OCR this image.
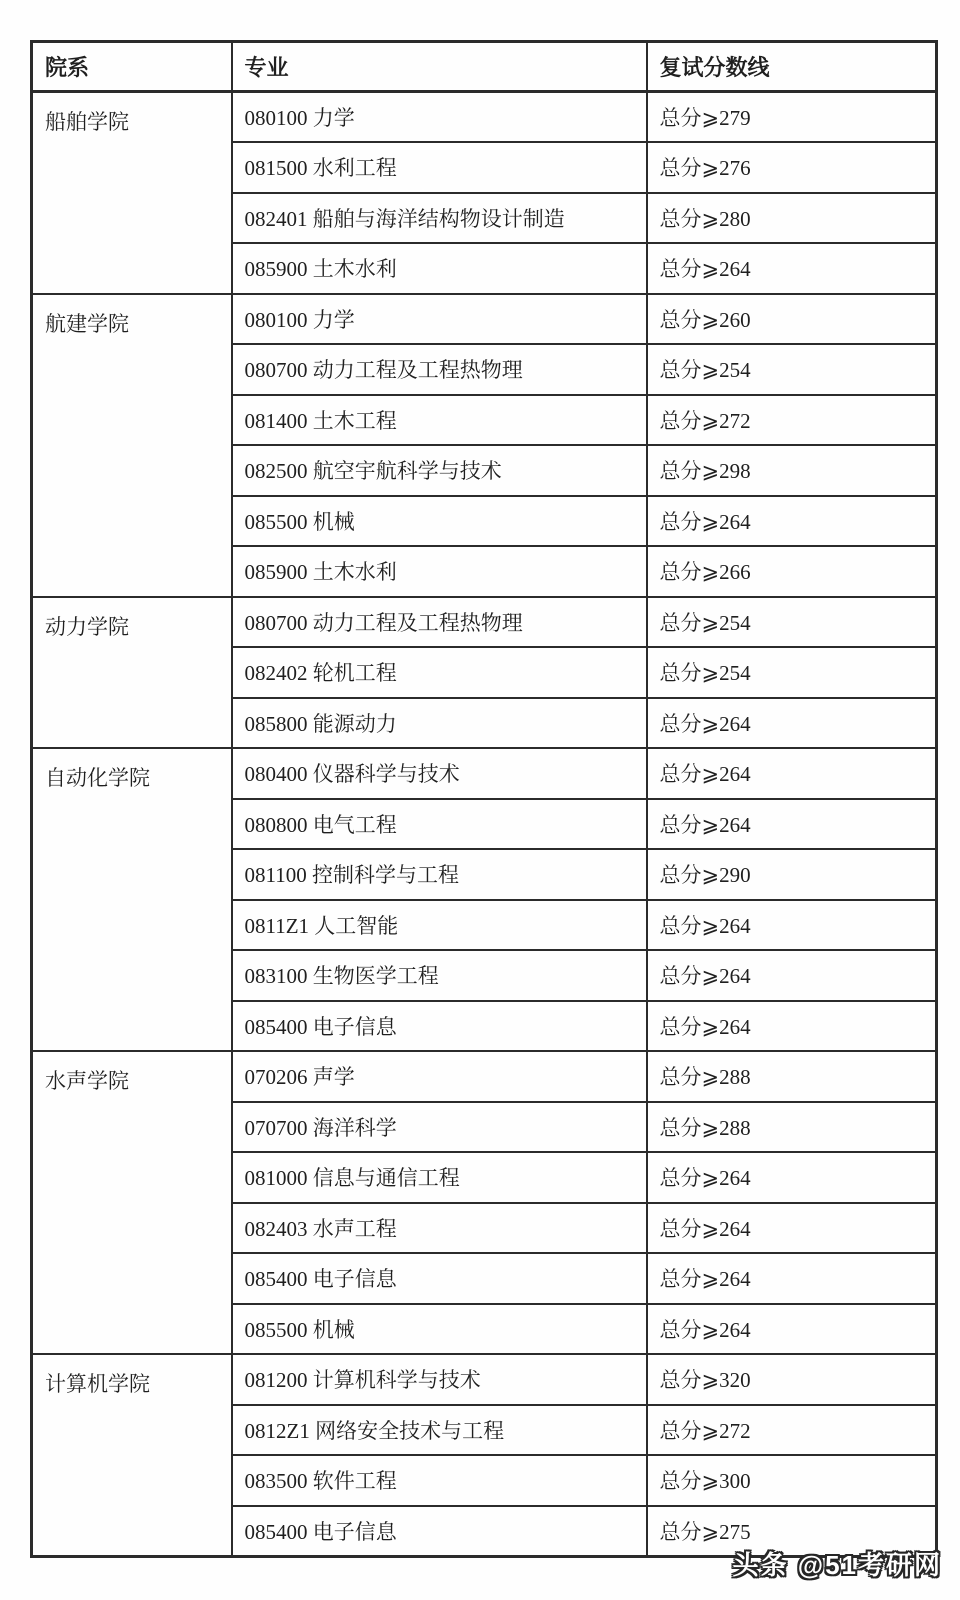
院系	专业	复试分数线
船舶学院	080100 力学	总分⩾279
	081500 水利工程	总分⩾276
	082401 船舶与海洋结构物设计制造	总分⩾280
	085900 土木水利	总分⩾264
航建学院	080100 力学	总分⩾260
	080700 动力工程及工程热物理	总分⩾254
	081400 土木工程	总分⩾272
	082500 航空宇航科学与技术	总分⩾298
	085500 机械	总分⩾264
	085900 土木水利	总分⩾266
动力学院	080700 动力工程及工程热物理	总分⩾254
	082402 轮机工程	总分⩾254
	085800 能源动力	总分⩾264
自动化学院	080400 仪器科学与技术	总分⩾264
	080800 电气工程	总分⩾264
	081100 控制科学与工程	总分⩾290
	0811Z1 人工智能	总分⩾264
	083100 生物医学工程	总分⩾264
	085400 电子信息	总分⩾264
水声学院	070206 声学	总分⩾288
	070700 海洋科学	总分⩾288
	081000 信息与通信工程	总分⩾264
	082403 水声工程	总分⩾264
	085400 电子信息	总分⩾264
	085500 机械	总分⩾264
计算机学院	081200 计算机科学与技术	总分⩾320
	0812Z1 网络安全技术与工程	总分⩾272
	083500 软件工程	总分⩾300
	085400 电子信息	总分⩾275
头条 @51考研网
